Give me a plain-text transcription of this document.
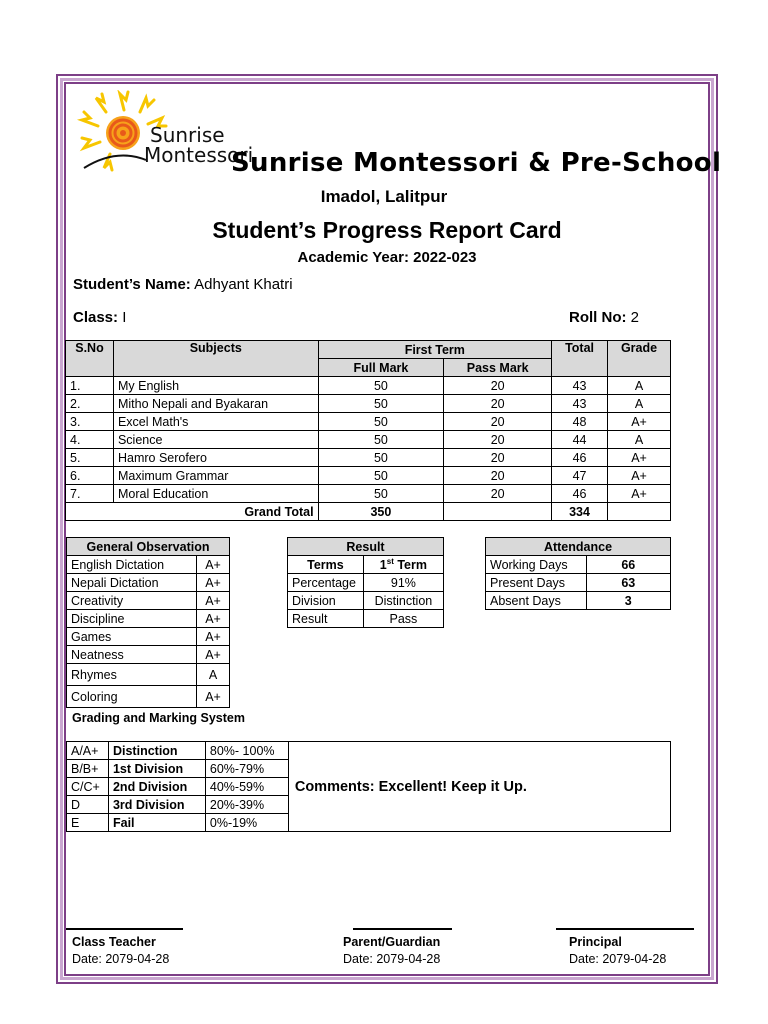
Sunrise
Montessori
Sunrise Montessori & Pre-School
Imadol, Lalitpur
Student’s Progress Report Card
Academic Year: 2022-023
Student’s Name: Adhyant Khatri
Class: I	Roll No: 2
S.No	Subjects	First Term		Total	Grade
		Full Mark	Pass Mark		
1.	My English	50	20	43	A
2.	Mitho Nepali and Byakaran	50	20	43	A
3.	Excel Math's	50	20	48	A+
4.	Science	50	20	44	A
5.	Hamro Serofero	50	20	46	A+
6.	Maximum Grammar	50	20	47	A+
7.	Moral Education	50	20	46	A+
	Grand Total	350		334	
General Observation	
English Dictation	A+
Nepali Dictation	A+
Creativity	A+
Discipline	A+
Games	A+
Neatness	A+
Rhymes	A
Coloring	A+
Result	
Terms	1st Term
Percentage	91%
Division	Distinction
Result	Pass
Attendance	
Working Days	66
Present Days	63
Absent Days	3
Grading and Marking System
A/A+	Distinction	80%- 100%	Comments: Excellent! Keep it Up.
B/B+	1st Division	60%-79%	
C/C+	2nd Division	40%-59%	
D	3rd Division	20%-39%	
E	Fail	0%-19%	
Class Teacher
Date: 2079-04-28
Parent/Guardian
Date: 2079-04-28
Principal
Date: 2079-04-28
